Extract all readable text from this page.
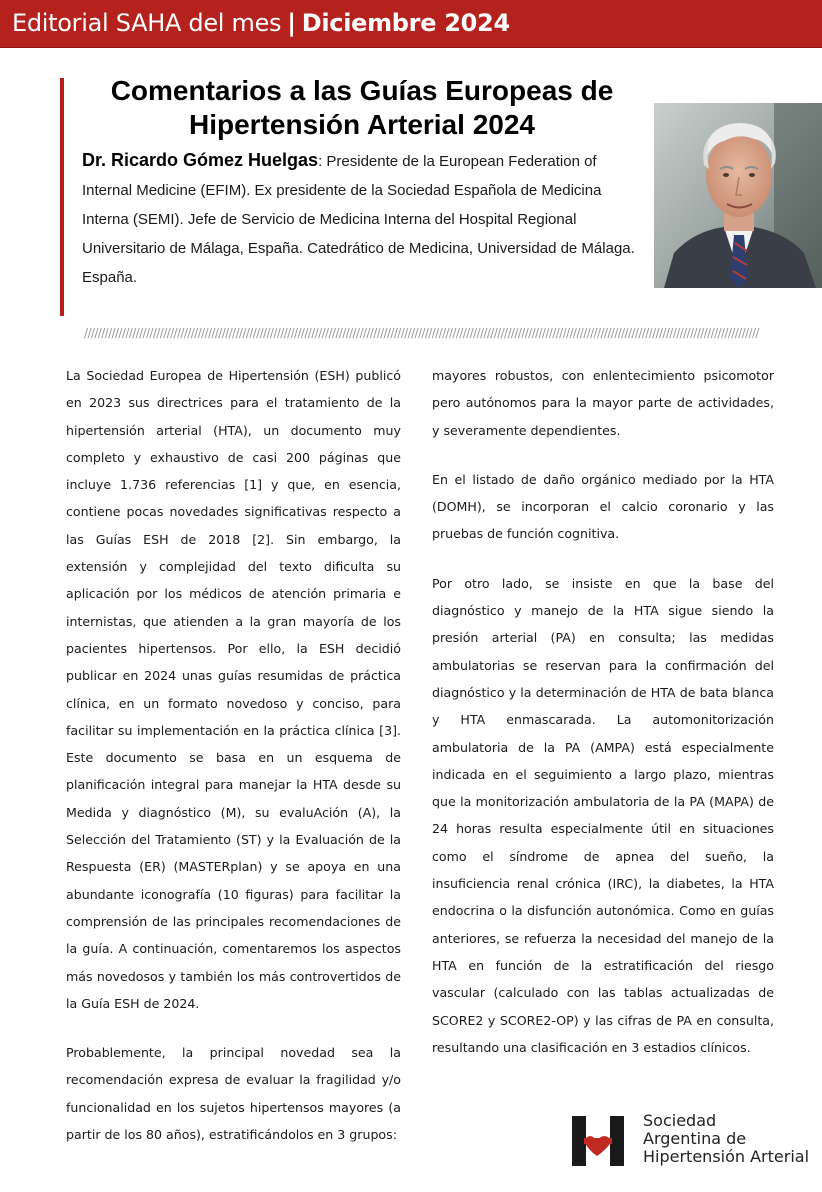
Editorial SAHA del mes | Diciembre 2024
Comentarios a las Guías Europeas de
Hipertensión Arterial 2024
Dr. Ricardo Gómez Huelgas: Presidente de la European Federation of Internal Medicine (EFIM). Ex presidente de la Sociedad Española de Medicina Interna (SEMI). Jefe de Servicio de Medicina Interna del Hospital Regional Universitario de Málaga, España. Catedrático de Medicina, Universidad de Málaga. España.
////////////////////////////////////////////////////////////////////////////////////////////////////////////////////////////////////////////////////////////////////////////////////////////////////

La Sociedad Europea de Hipertensión (ESH) publicó en 2023 sus directrices para el tratamiento de la hipertensión arterial (HTA), un documento muy completo y exhaustivo de casi 200 páginas que incluye 1.736 referencias [1] y que, en esencia, contiene pocas novedades significativas respecto a las Guías ESH de 2018 [2]. Sin embargo, la extensión y complejidad del texto dificulta su aplicación por los médicos de atención primaria e internistas, que atienden a la gran mayoría de los pacientes hipertensos. Por ello, la ESH decidió publicar en 2024 unas guías resumidas de práctica clínica, en un formato novedoso y conciso, para facilitar su implementación en la práctica clínica [3]. Este documento se basa en un esquema de planificación integral para manejar la HTA desde su Medida y diagnóstico (M), su evaluAción (A), la Selección del Tratamiento (ST) y la Evaluación de la Respuesta (ER) (MASTERplan) y se apoya en una abundante iconografía (10 figuras) para facilitar la comprensión de las principales recomendaciones de la guía. A continuación, comentaremos los aspectos más novedosos y también los más controvertidos de la Guía ESH de 2024.

Probablemente, la principal novedad sea la recomendación expresa de evaluar la fragilidad y/o funcionalidad en los sujetos hipertensos mayores (a partir de los 80 años), estratificándolos en 3 grupos:

mayores robustos, con enlentecimiento psicomotor pero autónomos para la mayor parte de actividades, y severamente dependientes.

En el listado de daño orgánico mediado por la HTA (DOMH), se incorporan el calcio coronario y las pruebas de función cognitiva.

Por otro lado, se insiste en que la base del diagnóstico y manejo de la HTA sigue siendo la presión arterial (PA) en consulta; las medidas ambulatorias se reservan para la confirmación del diagnóstico y la determinación de HTA de bata blanca y HTA enmascarada. La automonitorización ambulatoria de la PA (AMPA) está especialmente indicada en el seguimiento a largo plazo, mientras que la monitorización ambulatoria de la PA (MAPA) de 24 horas resulta especialmente útil en situaciones como el síndrome de apnea del sueño, la insuficiencia renal crónica (IRC), la diabetes, la HTA endocrina o la disfunción autonómica. Como en guías anteriores, se refuerza la necesidad del manejo de la HTA en función de la estratificación del riesgo vascular (calculado con las tablas actualizadas de SCORE2 y SCORE2-OP) y las cifras de PA en consulta, resultando una clasificación en 3 estadios clínicos.

Sociedad
Argentina de
Hipertensión Arterial
